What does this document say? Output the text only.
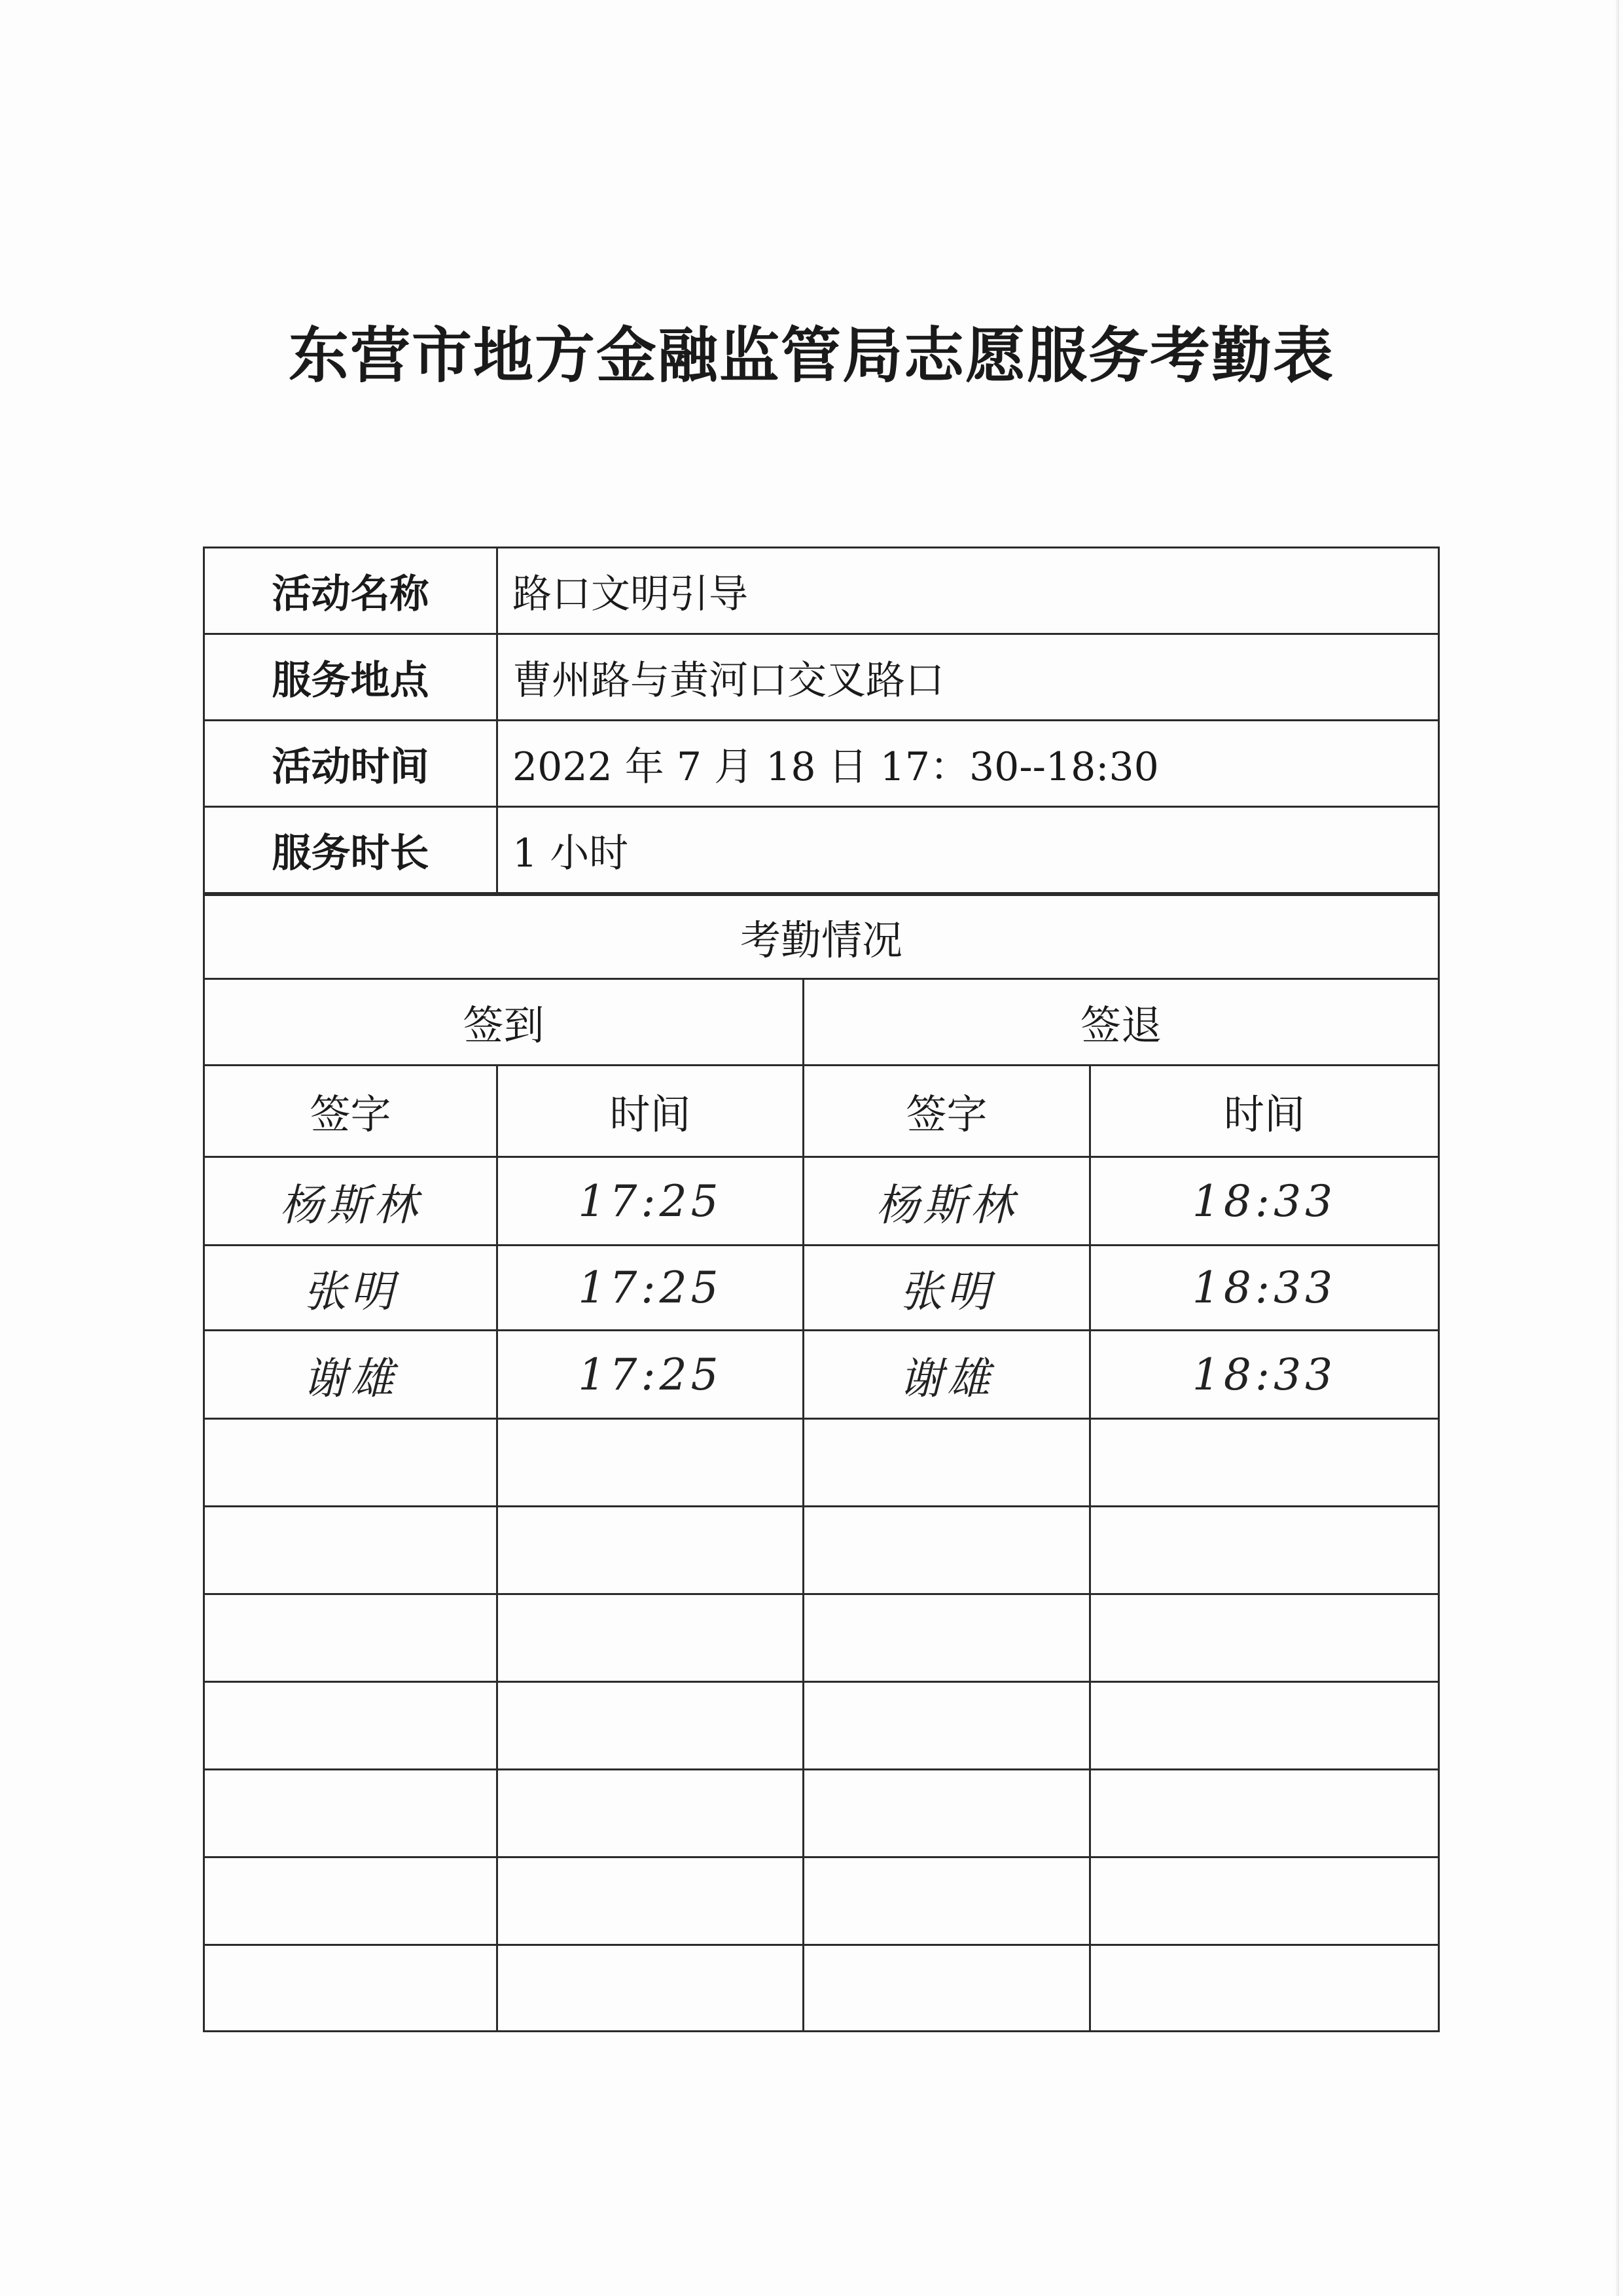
东营市地方金融监管局志愿服务考勤表
活动名称	路口文明引导
服务地点	曹州路与黄河口交叉路口
活动时间	2022 年 7 月 18 日 17：30--18:30
服务时长	1 小时
考勤情况			
签到		签退	
签字	时间	签字	时间
杨斯林	17:25	杨斯林	18:33
张明	17:25	张明	18:33
谢雄	17:25	谢雄	18:33
